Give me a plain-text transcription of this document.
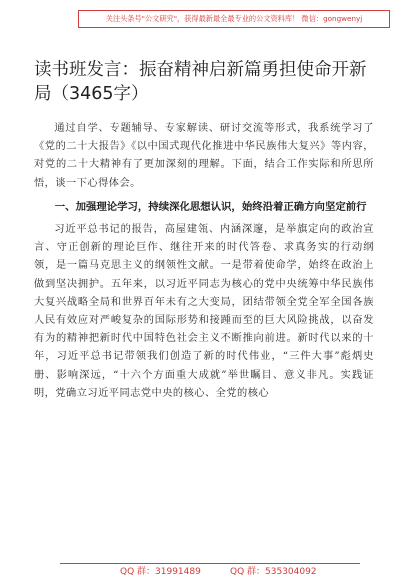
关注头条号"公文研究"，获得最新最全最专业的公文资料库！ 微信：gongwenyj
读书班发言：振奋精神启新篇勇担使命开新局（3465字）

通过自学、专题辅导、专家解读、研讨交流等形式，我系统学习了《党的二十大报告》《以中国式现代化推进中华民族伟大复兴》等内容，对党的二十大精神有了更加深刻的理解。下面，结合工作实际和所思所悟，谈一下心得体会。

一、加强理论学习，持续深化思想认识，始终沿着正确方向坚定前行

习近平总书记的报告，高屋建瓴、内涵深邃，是举旗定向的政治宣言、守正创新的理论巨作、继往开来的时代答卷、求真务实的行动纲领，是一篇马克思主义的纲领性文献。一是带着使命学，始终在政治上做到坚决拥护。五年来，以习近平同志为核心的党中央统筹中华民族伟大复兴战略全局和世界百年未有之大变局，团结带领全党全军全国各族人民有效应对严峻复杂的国际形势和接踵而至的巨大风险挑战，以奋发有为的精神把新时代中国特色社会主义不断推向前进。新时代以来的十年，习近平总书记带领我们创造了新的时代伟业，“三件大事”彪炳史册、影响深远，“十六个方面重大成就”举世瞩目、意义非凡。实践证明，党确立习近平同志党中央的核心、全党的核心

QQ 群：31991489	QQ 群：535304092
